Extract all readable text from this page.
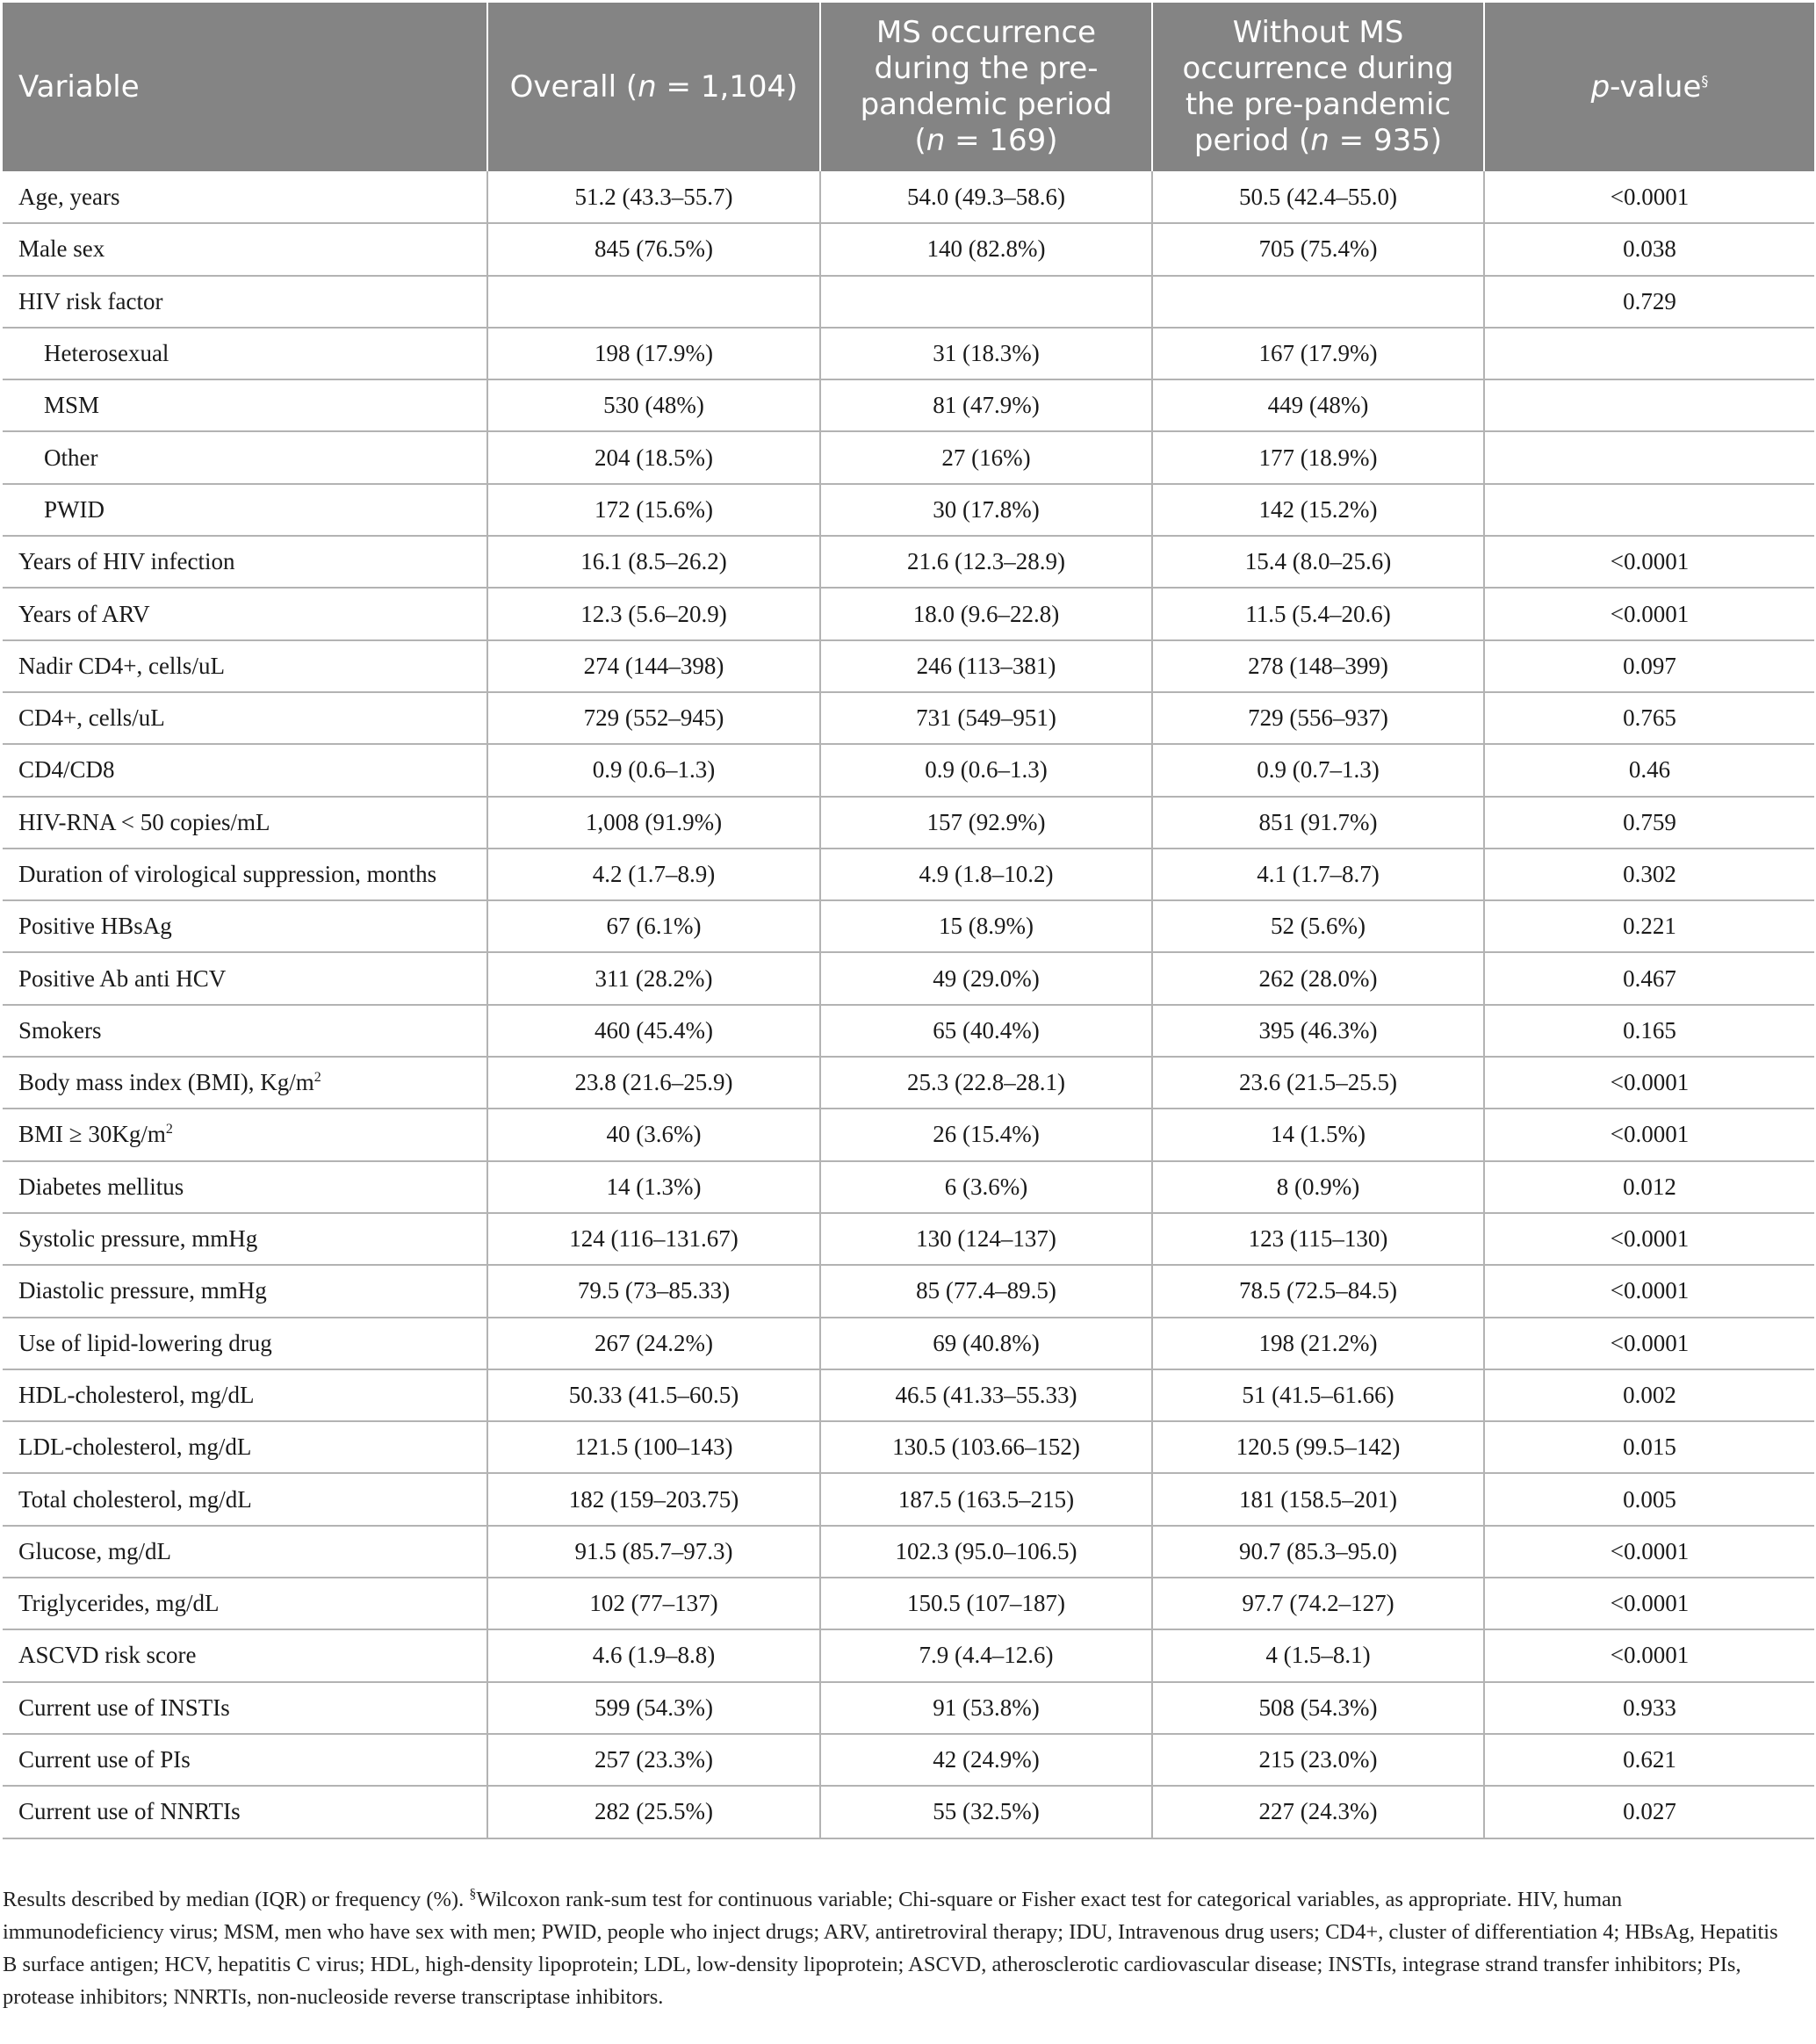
Variable	Overall (n = 1,104)	MS occurrence
during the pre-
pandemic period
(n = 169)	Without MS
occurrence during
the pre-pandemic
period (n = 935)	p-value§
Age, years	51.2 (43.3–55.7)	54.0 (49.3–58.6)	50.5 (42.4–55.0)	<0.0001
Male sex	845 (76.5%)	140 (82.8%)	705 (75.4%)	0.038
HIV risk factor				0.729
Heterosexual	198 (17.9%)	31 (18.3%)	167 (17.9%)	
MSM	530 (48%)	81 (47.9%)	449 (48%)	
Other	204 (18.5%)	27 (16%)	177 (18.9%)	
PWID	172 (15.6%)	30 (17.8%)	142 (15.2%)	
Years of HIV infection	16.1 (8.5–26.2)	21.6 (12.3–28.9)	15.4 (8.0–25.6)	<0.0001
Years of ARV	12.3 (5.6–20.9)	18.0 (9.6–22.8)	11.5 (5.4–20.6)	<0.0001
Nadir CD4+, cells/uL	274 (144–398)	246 (113–381)	278 (148–399)	0.097
CD4+, cells/uL	729 (552–945)	731 (549–951)	729 (556–937)	0.765
CD4/CD8	0.9 (0.6–1.3)	0.9 (0.6–1.3)	0.9 (0.7–1.3)	0.46
HIV-RNA < 50 copies/mL	1,008 (91.9%)	157 (92.9%)	851 (91.7%)	0.759
Duration of virological suppression, months	4.2 (1.7–8.9)	4.9 (1.8–10.2)	4.1 (1.7–8.7)	0.302
Positive HBsAg	67 (6.1%)	15 (8.9%)	52 (5.6%)	0.221
Positive Ab anti HCV	311 (28.2%)	49 (29.0%)	262 (28.0%)	0.467
Smokers	460 (45.4%)	65 (40.4%)	395 (46.3%)	0.165
Body mass index (BMI), $Kg/m^2$	23.8 (21.6–25.9)	25.3 (22.8–28.1)	23.6 (21.5–25.5)	<0.0001
BMI ≥ $30Kg/m^2$	40 (3.6%)	26 (15.4%)	14 (1.5%)	<0.0001
Diabetes mellitus	14 (1.3%)	6 (3.6%)	8 (0.9%)	0.012
Systolic pressure, mmHg	124 (116–131.67)	130 (124–137)	123 (115–130)	<0.0001
Diastolic pressure, mmHg	79.5 (73–85.33)	85 (77.4–89.5)	78.5 (72.5–84.5)	<0.0001
Use of lipid-lowering drug	267 (24.2%)	69 (40.8%)	198 (21.2%)	<0.0001
HDL-cholesterol, mg/dL	50.33 (41.5–60.5)	46.5 (41.33–55.33)	51 (41.5–61.66)	0.002
LDL-cholesterol, mg/dL	121.5 (100–143)	130.5 (103.66–152)	120.5 (99.5–142)	0.015
Total cholesterol, mg/dL	182 (159–203.75)	187.5 (163.5–215)	181 (158.5–201)	0.005
Glucose, mg/dL	91.5 (85.7–97.3)	102.3 (95.0–106.5)	90.7 (85.3–95.0)	<0.0001
Triglycerides, mg/dL	102 (77–137)	150.5 (107–187)	97.7 (74.2–127)	<0.0001
ASCVD risk score	4.6 (1.9–8.8)	7.9 (4.4–12.6)	4 (1.5–8.1)	<0.0001
Current use of INSTIs	599 (54.3%)	91 (53.8%)	508 (54.3%)	0.933
Current use of PIs	257 (23.3%)	42 (24.9%)	215 (23.0%)	0.621
Current use of NNRTIs	282 (25.5%)	55 (32.5%)	227 (24.3%)	0.027
Results described by median (IQR) or frequency (%). §Wilcoxon rank-sum test for continuous variable; Chi-square or Fisher exact test for categorical variables, as appropriate. HIV, human immunodeficiency virus; MSM, men who have sex with men; PWID, people who inject drugs; ARV, antiretroviral therapy; IDU, Intravenous drug users; CD4+, cluster of differentiation 4; HBsAg, Hepatitis B surface antigen; HCV, hepatitis C virus; HDL, high-density lipoprotein; LDL, low-density lipoprotein; ASCVD, atherosclerotic cardiovascular disease; INSTIs, integrase strand transfer inhibitors; PIs, protease inhibitors; NNRTIs, non-nucleoside reverse transcriptase inhibitors.
